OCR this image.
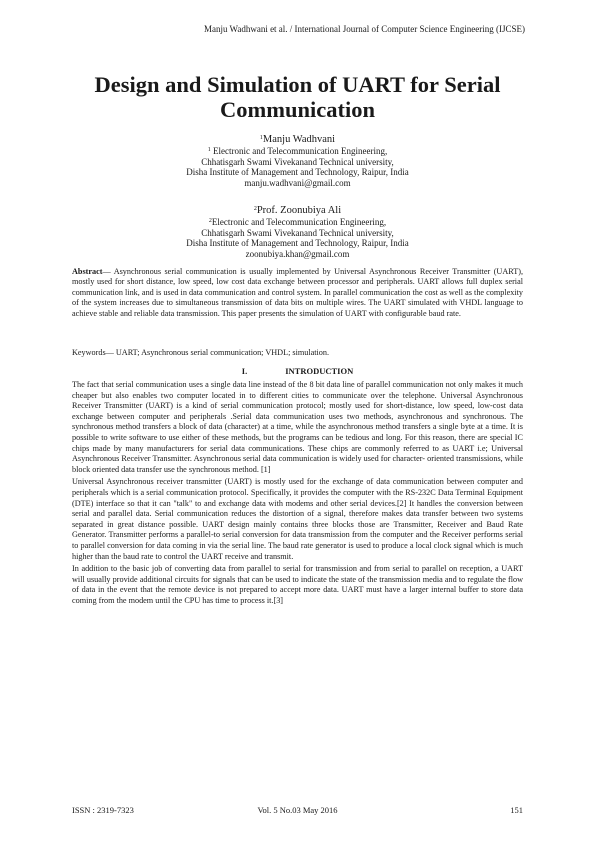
Manju Wadhwani et al. / International Journal of Computer Science Engineering (IJCSE)
Design and Simulation of UART for Serial Communication
$^1$Manju Wadhvani
$^1$ Electronic and Telecommunication Engineering,
Chhatisgarh Swami Vivekanand Technical university,
Disha Institute of Management and Technology, Raipur, India
manju.wadhvani@gmail.com
$^2$Prof. Zoonubiya Ali
$^2$Electronic and Telecommunication Engineering,
Chhatisgarh Swami Vivekanand Technical university,
Disha Institute of Management and Technology, Raipur, India
zoonubiya.khan@gmail.com

Abstract— Asynchronous serial communication is usually implemented by Universal Asynchronous Receiver Transmitter (UART), mostly used for short distance, low speed, low cost data exchange between processor and peripherals. UART allows full duplex serial communication link, and is used in data communication and control system. In parallel communication the cost as well as the complexity of the system increases due to simultaneous transmission of data bits on multiple wires. The UART simulated with VHDL language to achieve stable and reliable data transmission. This paper presents the simulation of UART with configurable baud rate.

Keywords— UART; Asynchronous serial communication; VHDL; simulation.

I.	INTRODUCTION

The fact that serial communication uses a single data line instead of the 8 bit data line of parallel communication not only makes it much cheaper but also enables two computer located in to different cities to communicate over the telephone. Universal Asynchronous Receiver Transmitter (UART) is a kind of serial communication protocol; mostly used for short-distance, low speed, low-cost data exchange between computer and peripherals .Serial data communication uses two methods, asynchronous and synchronous. The synchronous method transfers a block of data (character) at a time, while the asynchronous method transfers a single byte at a time. It is possible to write software to use either of these methods, but the programs can be tedious and long. For this reason, there are special IC chips made by many manufacturers for serial data communications. These chips are commonly referred to as UART i.e; Universal Asynchronous Receiver Transmitter. Asynchronous serial data communication is widely used for character- oriented transmissions, while block oriented data transfer use the synchronous method. [1]

Universal Asynchronous receiver transmitter (UART) is mostly used for the exchange of data communication between computer and peripherals which is a serial communication protocol. Specifically, it provides the computer with the RS-232C Data Terminal Equipment (DTE) interface so that it can "talk" to and exchange data with modems and other serial devices.[2] It handles the conversion between serial and parallel data. Serial communication reduces the distortion of a signal, therefore makes data transfer between two systems separated in great distance possible. UART design mainly contains three blocks those are Transmitter, Receiver and Baud Rate Generator. Transmitter performs a parallel-to serial conversion for data transmission from the computer and the Receiver performs serial to parallel conversion for data coming in via the serial line. The baud rate generator is used to produce a local clock signal which is much higher than the baud rate to control the UART receive and transmit.

In addition to the basic job of converting data from parallel to serial for transmission and from serial to parallel on reception, a UART will usually provide additional circuits for signals that can be used to indicate the state of the transmission media and to regulate the flow of data in the event that the remote device is not prepared to accept more data. UART must have a larger internal buffer to store data coming from the modem until the CPU has time to process it.[3]

ISSN : 2319-7323	Vol. 5 No.03 May 2016	151
